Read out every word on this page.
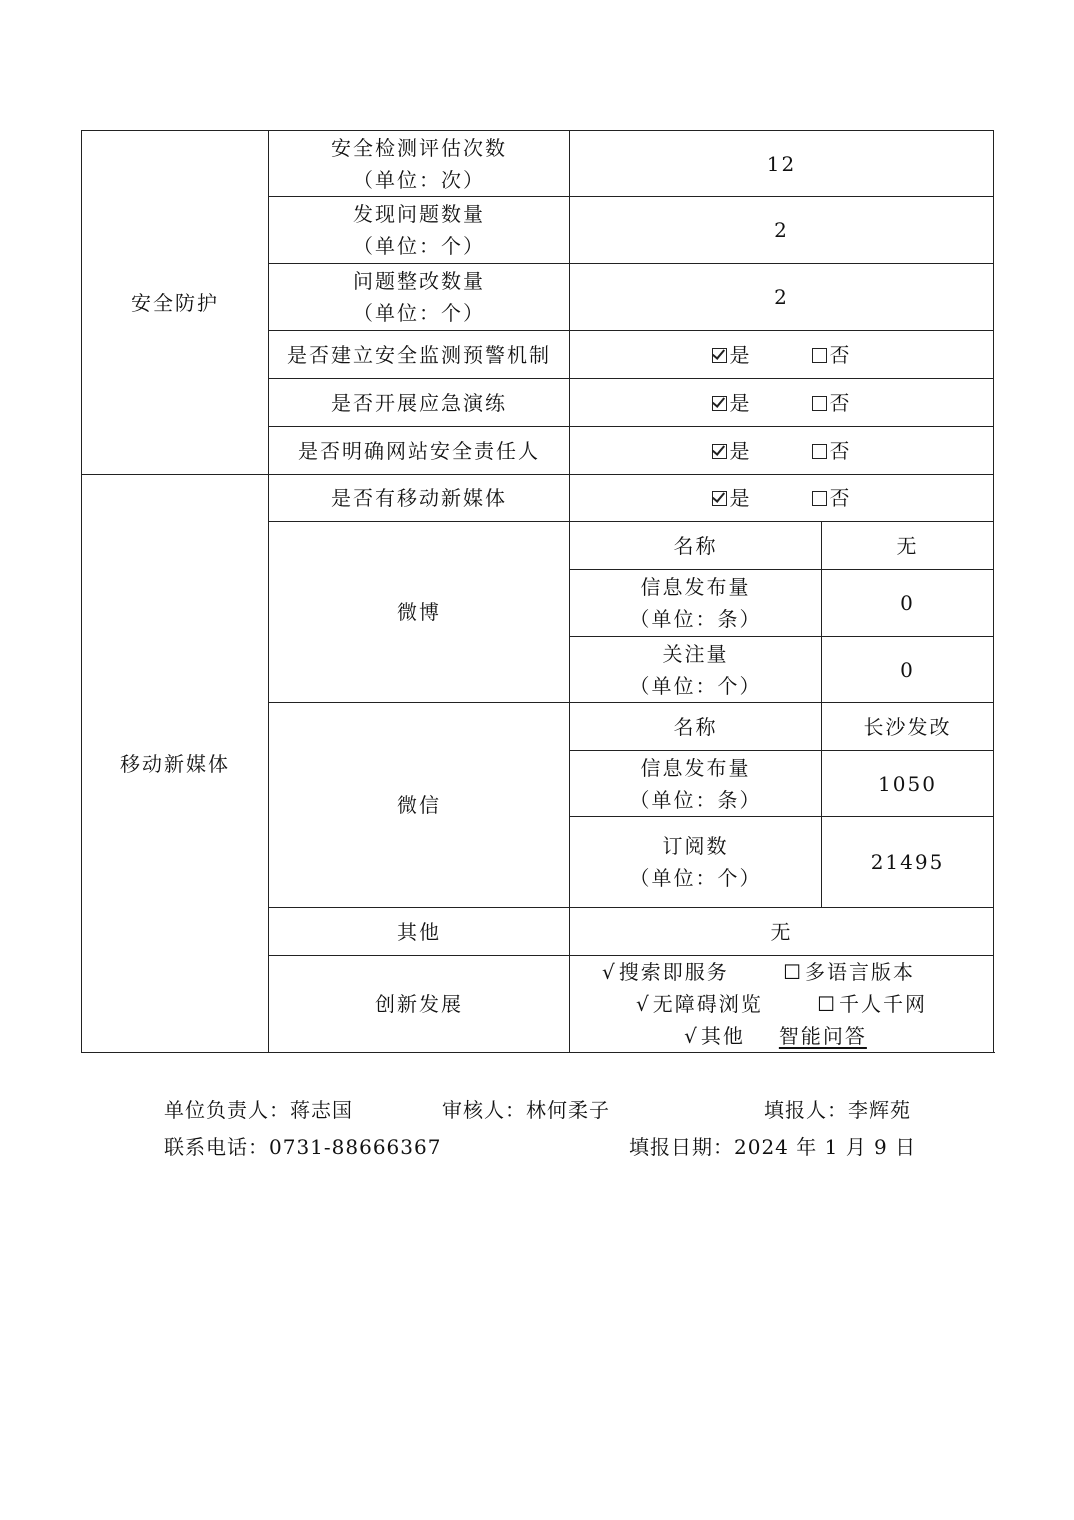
安全防护	安全检测评估次数
（单位：次）	12	

	发现问题数量
（单位：个）	2	

	问题整改数量
（单位：个）	2	
	是否建立安全监测预警机制	是 否	
	是否开展应急演练	是 否	
	是否明确网站安全责任人	是 否	
移动新媒体	是否有移动新媒体	是 否	
	微博	名称	无

		信息发布量
（单位：条）	0

		关注量
（单位：个）	0
	微信	名称	长沙发改

		信息发布量
（单位：条）	1050

		订阅数
（单位：个）	21495
	其他	无	
	创新发展	√ 搜索即服务 ☐ 多语言版本 √ 无障碍浏览 ☐ 千人千网
√ 其他 智能问答	
单位负责人：蒋志国	审核人：林何柔子	填报人：李辉苑
联系电话：0731-88666367	填报日期：2024 年 1 月 9 日
